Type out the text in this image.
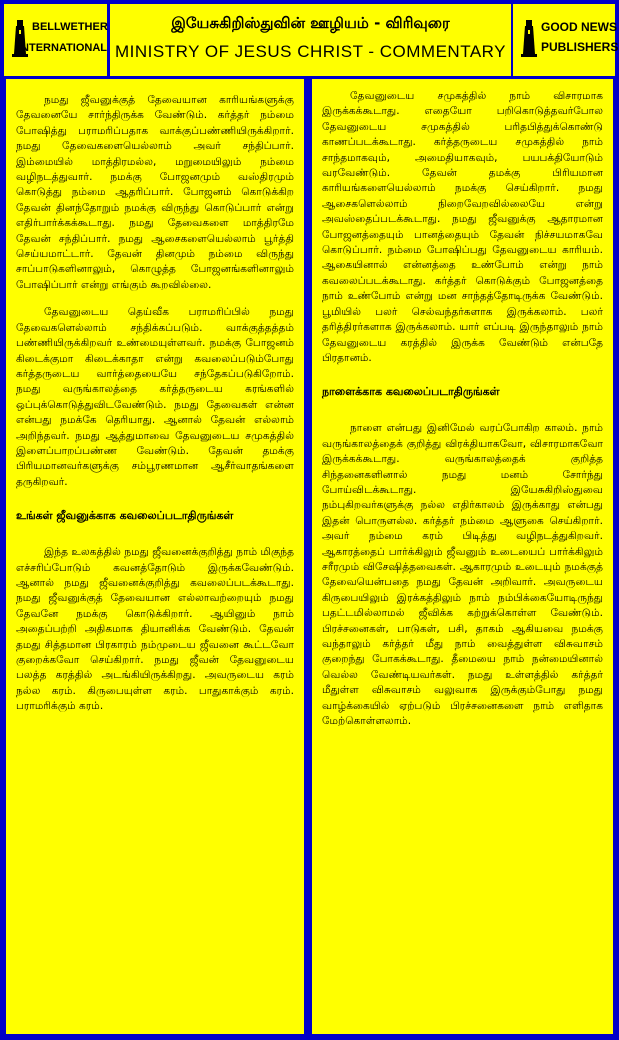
BELLWETHER
INTERNATIONAL
இயேசுகிறிஸ்துவின் ஊழியம் - விரிவுரை
MINISTRY OF JESUS CHRIST - COMMENTARY
GOOD NEWS
PUBLISHERS

நமது ஜீவனுக்குத் தேவையான காரியங்களுக்கு தேவனையே சார்ந்திருக்க வேண்டும். கர்த்தர் நம்மை போஷித்து பராமரிப்பதாக வாக்குப்பண்ணியிருக்கிறார். நமது தேவைகளையெல்லாம் அவர் சந்திப்பார். இம்மையில் மாத்திரமல்ல, மறுமையிலும் நம்மை வழிநடத்துவார். நமக்கு போஜனமும் வஸ்திரமும் கொடுத்து நம்மை ஆதரிப்பார். போஜனம் கொடுக்கிற தேவன் தினந்தோறும் நமக்கு விருந்து கொடுப்பார் என்று எதிர்பார்க்கக்கூடாது. நமது தேவைகளை மாத்திரமே தேவன் சந்திப்பார். நமது ஆசைகளையெல்லாம் பூர்த்தி செய்யமாட்டார். தேவன் தினமும் நம்மை விருந்து சாப்பாடுகளினாலும், கொழுத்த போஜனங்களினாலும் போஷிப்பார் என்று எங்கும் கூறவில்லை.

தேவனுடைய தெய்வீக பராமரிப்பில் நமது தேவைகளெல்லாம் சந்திக்கப்படும். வாக்குத்தத்தம் பண்ணியிருக்கிறவர் உண்மையுள்ளவர். நமக்கு போஜனம் கிடைக்குமா கிடைக்காதா என்று கவலைப்படும்போது கர்த்தருடைய வார்த்தையையே சந்தேகப்படுகிறோம். நமது வருங்காலத்தை கர்த்தருடைய கரங்களில் ஒப்புக்கொடுத்துவிடவேண்டும். நமது தேவைகள் என்ன என்பது நமக்கே தெரியாது. ஆனால் தேவன் எல்லாம் அறிந்தவர். நமது ஆத்துமாவை தேவனுடைய சமுகத்தில் இளைப்பாறப்பண்ண வேண்டும். தேவன் தமக்கு பிரியமானவர்களுக்கு சம்பூரணமான ஆசீர்வாதங்களை தருகிறவர்.

உங்கள் ஜீவனுக்காக கவலைப்படாதிருங்கள்

இந்த உலகத்தில் நமது ஜீவனைக்குறித்து நாம் மிகுந்த எச்சரிப்போடும் கவனத்தோடும் இருக்கவேண்டும். ஆனால் நமது ஜீவனைக்குறித்து கவலைப்படக்கூடாது. நமது ஜீவனுக்குத் தேவையான எல்லாவற்றையும் நமது தேவனே நமக்கு கொடுக்கிறார். ஆயினும் நாம் அதைப்பற்றி அதிகமாக தியானிக்க வேண்டும். தேவன் தமது சித்தமான பிரகாரம் நம்முடைய ஜீவனை கூட்டவோ குறைக்கவோ செய்கிறார். நமது ஜீவன் தேவனுடைய பலத்த கரத்தில் அடங்கியிருக்கிறது. அவருடைய கரம் நல்ல கரம். கிருபையுள்ள கரம். பாதுகாக்கும் கரம். பராமரிக்கும் கரம்.

தேவனுடைய சமுகத்தில் நாம் விசாரமாக இருக்கக்கூடாது. எதையோ பறிகொடுத்தவர்போல தேவனுடைய சமுகத்தில் பரிதபித்துக்கொண்டு காணப்படக்கூடாது. கர்த்தருடைய சமுகத்தில் நாம் சாந்தமாகவும், அமைதியாகவும், பயபக்தியோடும் வரவேண்டும். தேவன் தமக்கு பிரியமான காரியங்களையெல்லாம் நமக்கு செய்கிறார். நமது ஆசைகளெல்லாம் நிறைவேறவில்லையே என்று அவஸ்தைப்படக்கூடாது. நமது ஜீவனுக்கு ஆதாரமான போஜனத்தையும் பானத்தையும் தேவன் நிச்சயமாகவே கொடுப்பார். நம்மை போஷிப்பது தேவனுடைய காரியம். ஆகையினால் என்னத்தை உண்போம் என்று நாம் கவலைப்படக்கூடாது. கர்த்தர் கொடுக்கும் போஜனத்தை நாம் உண்போம் என்று மன சாந்தத்தோடிருக்க வேண்டும். பூமியில் பலர் செல்வந்தர்களாக இருக்கலாம். பலர் தரித்திரர்களாக இருக்கலாம். யார் எப்படி இருந்தாலும் நாம் தேவனுடைய கரத்தில் இருக்க வேண்டும் என்பதே பிரதானம்.

நாளைக்காக கவலைப்படாதிருங்கள்

நாளை என்பது இனிமேல் வரப்போகிற காலம். நாம் வருங்காலத்தைக் குறித்து விரக்தியாகவோ, விசாரமாகவோ இருக்கக்கூடாது. வருங்காலத்தைக் குறித்த சிந்தனைகளினால் நமது மனம் சோர்ந்து போய்விடக்கூடாது. இயேசுகிறிஸ்துவை நம்புகிறவர்களுக்கு நல்ல எதிர்காலம் இருக்காது என்பது இதன் பொருளல்ல. கர்த்தர் நம்மை ஆளுகை செய்கிறார். அவர் நம்மை கரம் பிடித்து வழிநடத்துகிறவர். ஆகாரத்தைப் பார்க்கிலும் ஜீவனும் உடையைப் பார்க்கிலும் சரீரமும் விசேஷித்தவைகள். ஆகாரமும் உடையும் நமக்குத் தேவையென்பதை நமது தேவன் அறிவார். அவருடைய கிருபையிலும் இரக்கத்திலும் நாம் நம்பிக்கையோடிருந்து பதட்டமில்லாமல் ஜீவிக்க கற்றுக்கொள்ள வேண்டும். பிரச்சனைகள், பாடுகள், பசி, தாகம் ஆகியவை நமக்கு வந்தாலும் கர்த்தர் மீது நாம் வைத்துள்ள விசுவாசம் குறைந்து போகக்கூடாது. தீமையை நாம் நன்மையினால் வெல்ல வேண்டியவர்கள். நமது உள்ளத்தில் கர்த்தர் மீதுள்ள விசுவாசம் வலுவாக இருக்கும்போது நமது வாழ்க்கையில் ஏற்படும் பிரச்சனைகளை நாம் எளிதாக மேற்கொள்ளலாம்.
